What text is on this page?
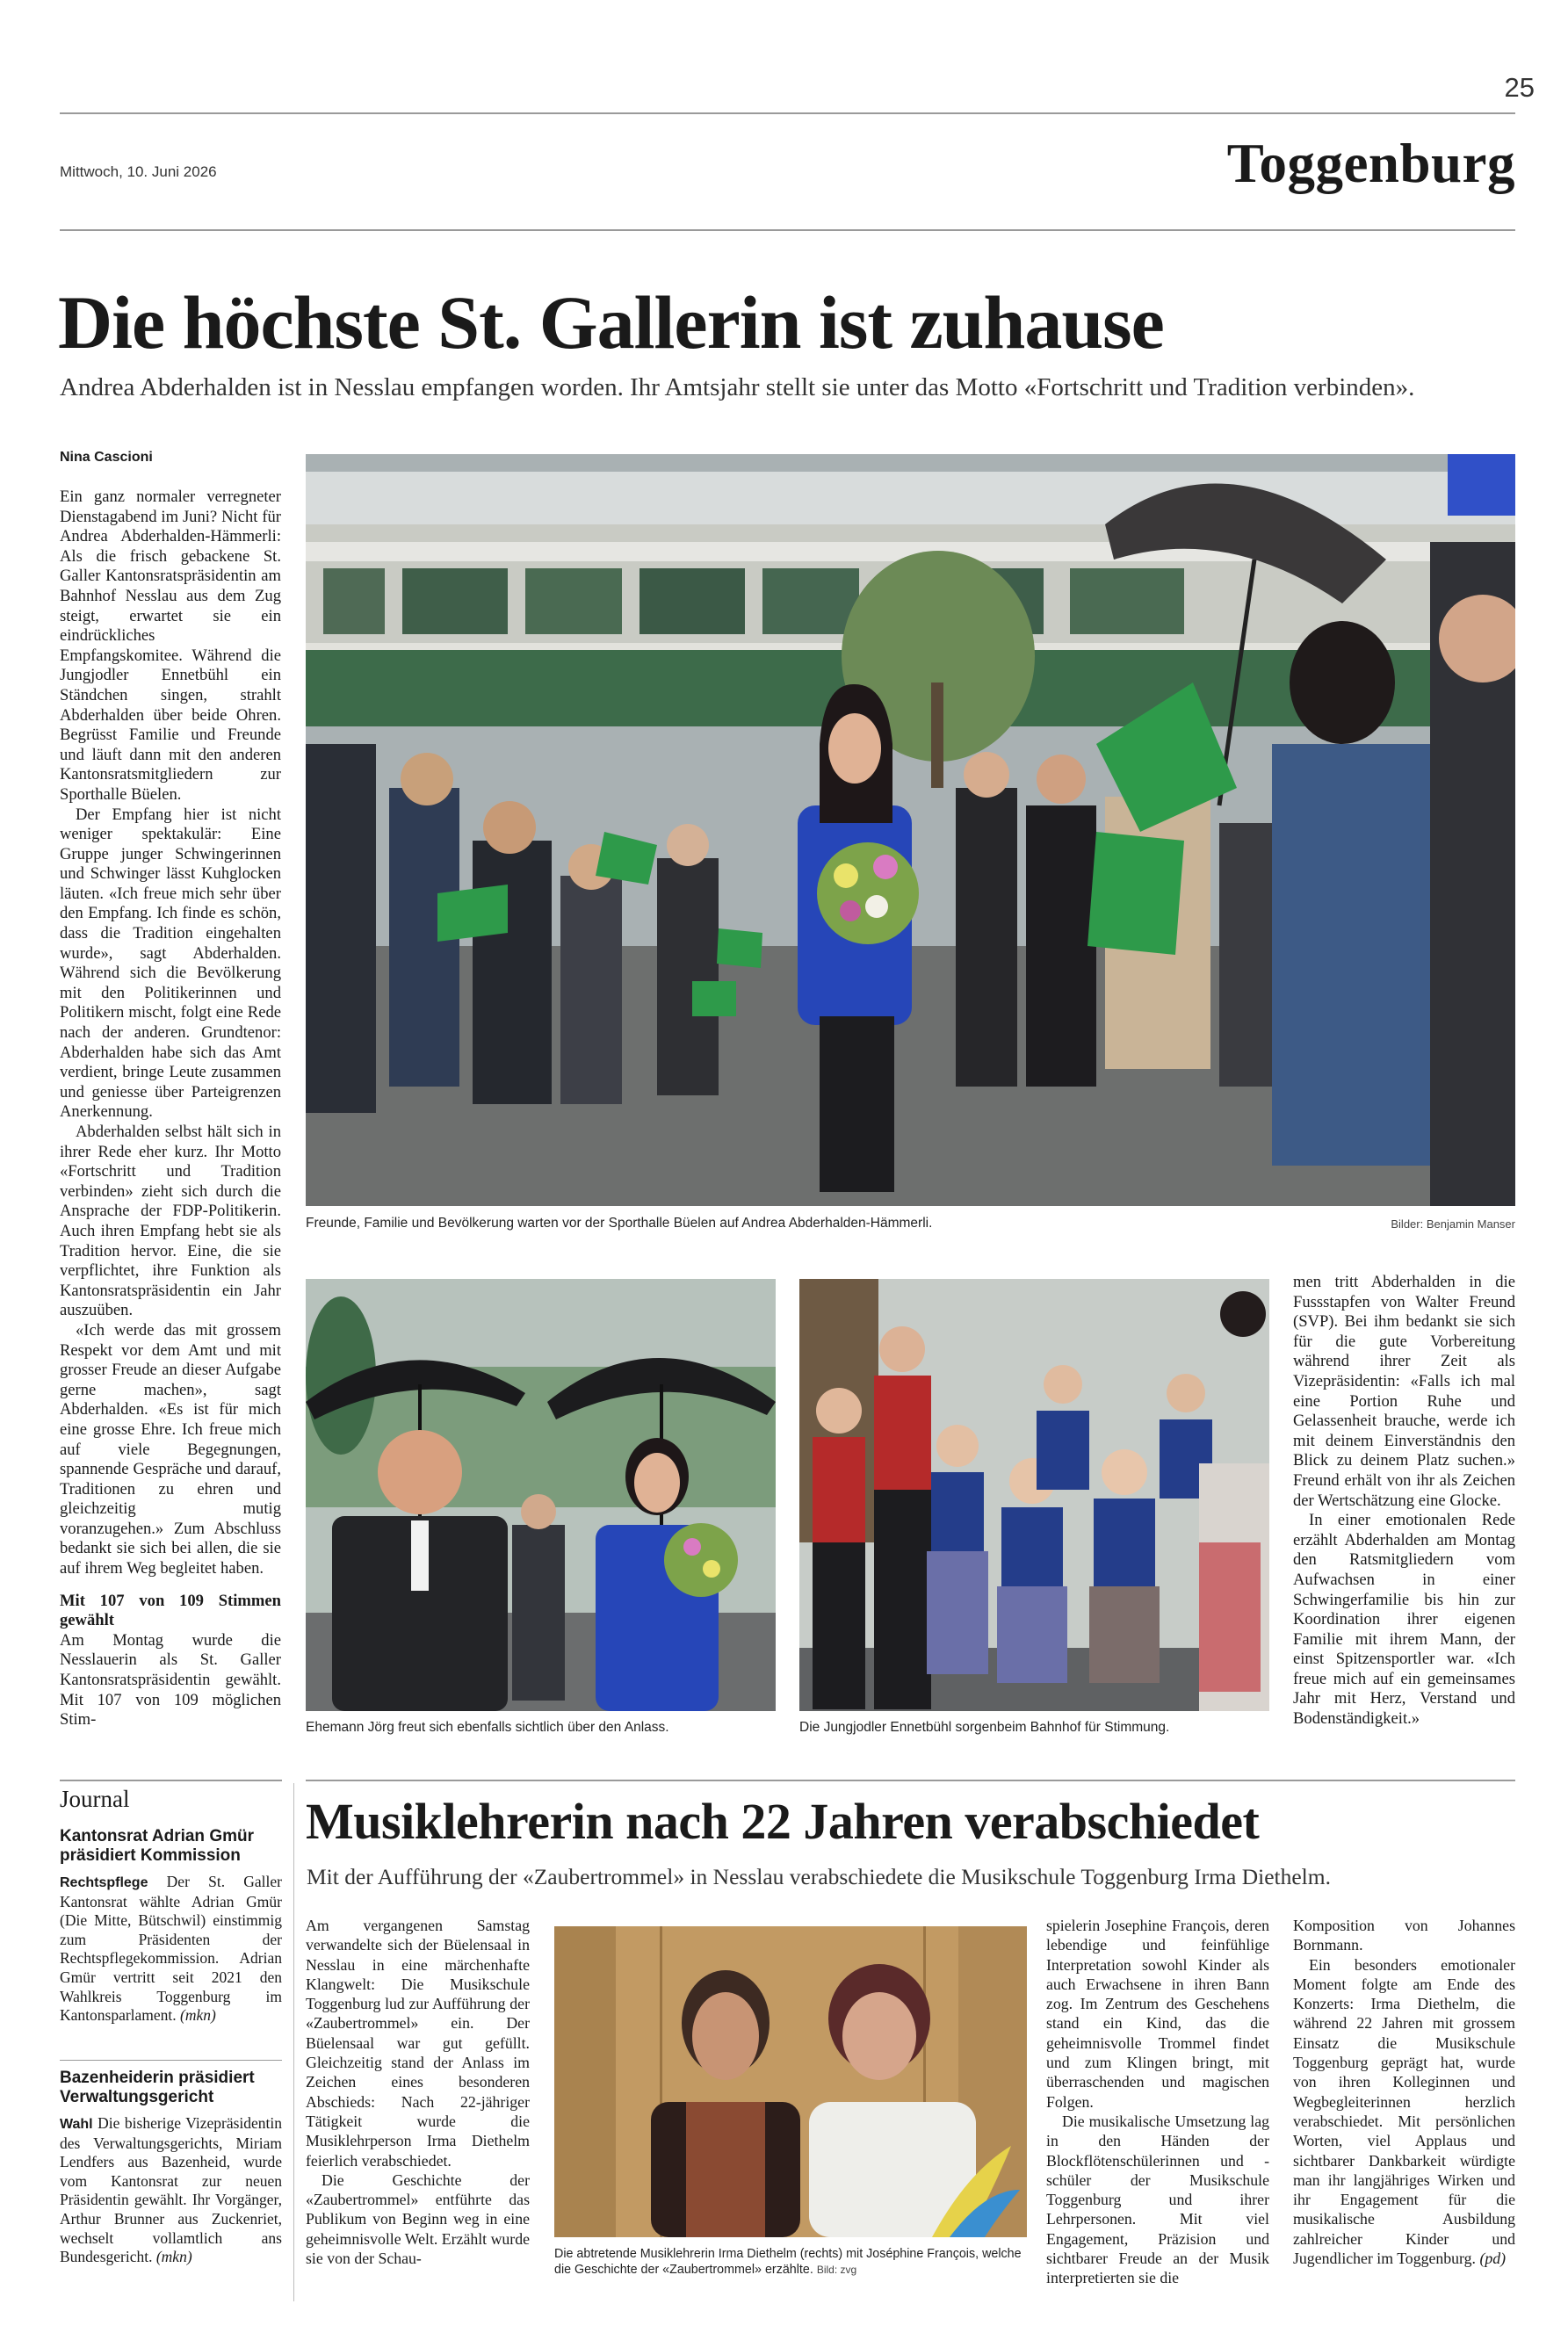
25
Mittwoch, 10. Juni 2026	Toggenburg
Die höchste St. Gallerin ist zuhause
Andrea Abderhalden ist in Nesslau empfangen worden. Ihr Amtsjahr stellt sie unter das Motto «Fortschritt und Tradition verbinden».
Nina Cascioni

Ein ganz normaler verregneter Dienstagabend im Juni? Nicht für Andrea Abderhalden-Hämmerli: Als die frisch gebackene St. Galler Kantonsratspräsidentin am Bahnhof Nesslau aus dem Zug steigt, erwartet sie ein eindrückliches Empfangskomitee. Während die Jungjodler Ennetbühl ein Ständchen singen, strahlt Abderhalden über beide Ohren. Begrüsst Familie und Freunde und läuft dann mit den anderen Kantonsratsmitgliedern zur Sporthalle Büelen.

Der Empfang hier ist nicht weniger spektakulär: Eine Gruppe junger Schwingerinnen und Schwinger lässt Kuhglocken läuten. «Ich freue mich sehr über den Empfang. Ich finde es schön, dass die Tradition eingehalten wurde», sagt Abderhalden. Während sich die Bevölkerung mit den Politikerinnen und Politikern mischt, folgt eine Rede nach der anderen. Grundtenor: Abderhalden habe sich das Amt verdient, bringe Leute zusammen und geniesse über Parteigrenzen Anerkennung.

Abderhalden selbst hält sich in ihrer Rede eher kurz. Ihr Motto «Fortschritt und Tradition verbinden» zieht sich durch die Ansprache der FDP-Politikerin. Auch ihren Empfang hebt sie als Tradition hervor. Eine, die sie verpflichtet, ihre Funktion als Kantonsratspräsidentin ein Jahr auszuüben.

«Ich werde das mit grossem Respekt vor dem Amt und mit grosser Freude an dieser Aufgabe gerne machen», sagt Abderhalden. «Es ist für mich eine grosse Ehre. Ich freue mich auf viele Begegnungen, spannende Gespräche und darauf, Traditionen zu ehren und gleichzeitig mutig voranzugehen.» Zum Abschluss bedankt sie sich bei allen, die sie auf ihrem Weg begleitet haben.

Mit 107 von 109 Stimmen gewählt

Am Montag wurde die Nesslauerin als St. Galler Kantonsratspräsidentin gewählt. Mit 107 von 109 möglichen Stim-

Freunde, Familie und Bevölkerung warten vor der Sporthalle Büelen auf Andrea Abderhalden-Hämmerli.	Bilder: Benjamin Manser
Ehemann Jörg freut sich ebenfalls sichtlich über den Anlass.	Die Jungjodler Ennetbühl sorgenbeim Bahnhof für Stimmung.

men tritt Abderhalden in die Fussstapfen von Walter Freund (SVP). Bei ihm bedankt sie sich für die gute Vorbereitung während ihrer Zeit als Vizepräsidentin: «Falls ich mal eine Portion Ruhe und Gelassenheit brauche, werde ich mit deinem Einverständnis den Blick zu deinem Platz suchen.» Freund erhält von ihr als Zeichen der Wertschätzung eine Glocke.

In einer emotionalen Rede erzählt Abderhalden am Montag den Ratsmitgliedern vom Aufwachsen in einer Schwingerfamilie bis hin zur Koordination ihrer eigenen Familie mit ihrem Mann, der einst Spitzensportler war. «Ich freue mich auf ein gemeinsames Jahr mit Herz, Verstand und Bodenständigkeit.»

Journal
Kantonsrat Adrian Gmür präsidiert Kommission
Rechtspflege Der St. Galler Kantonsrat wählte Adrian Gmür (Die Mitte, Bütschwil) einstimmig zum Präsidenten der Rechtspflegekommission. Adrian Gmür vertritt seit 2021 den Wahlkreis Toggenburg im Kantonsparlament. (mkn)
Bazenheiderin präsidiert Verwaltungsgericht
Wahl Die bisherige Vizepräsidentin des Verwaltungsgerichts, Miriam Lendfers aus Bazenheid, wurde vom Kantonsrat zur neuen Präsidentin gewählt. Ihr Vorgänger, Arthur Brunner aus Zuckenriet, wechselt vollamtlich ans Bundesgericht. (mkn)
Musiklehrerin nach 22 Jahren verabschiedet
Mit der Aufführung der «Zaubertrommel» in Nesslau verabschiedete die Musikschule Toggenburg Irma Diethelm.

Am vergangenen Samstag verwandelte sich der Büelensaal in Nesslau in eine märchenhafte Klangwelt: Die Musikschule Toggenburg lud zur Aufführung der «Zaubertrommel» ein. Der Büelensaal war gut gefüllt. Gleichzeitig stand der Anlass im Zeichen eines besonderen Abschieds: Nach 22-jähriger Tätigkeit wurde die Musiklehrperson Irma Diethelm feierlich verabschiedet.

Die Geschichte der «Zaubertrommel» entführte das Publikum von Beginn weg in eine geheimnisvolle Welt. Erzählt wurde sie von der Schau-	Die abtretende Musiklehrerin Irma Diethelm (rechts) mit Joséphine François, welche die Geschichte der «Zaubertrommel» erzählte. Bild: zvg

spielerin Josephine François, deren lebendige und feinfühlige Interpretation sowohl Kinder als auch Erwachsene in ihren Bann zog. Im Zentrum des Geschehens stand ein Kind, das die geheimnisvolle Trommel findet und zum Klingen bringt, mit überraschenden und magischen Folgen.

Die musikalische Umsetzung lag in den Händen der Blockflötenschülerinnen und -schüler der Musikschule Toggenburg und ihrer Lehrpersonen. Mit viel Engagement, Präzision und sichtbarer Freude an der Musik interpretierten sie die

Komposition von Johannes Bornmann.

Ein besonders emotionaler Moment folgte am Ende des Konzerts: Irma Diethelm, die während 22 Jahren mit grossem Einsatz die Musikschule Toggenburg geprägt hat, wurde von ihren Kolleginnen und Wegbegleiterinnen herzlich verabschiedet. Mit persönlichen Worten, viel Applaus und sichtbarer Dankbarkeit würdigte man ihr langjähriges Wirken und ihr Engagement für die musikalische Ausbildung zahlreicher Kinder und Jugendlicher im Toggenburg. (pd)
